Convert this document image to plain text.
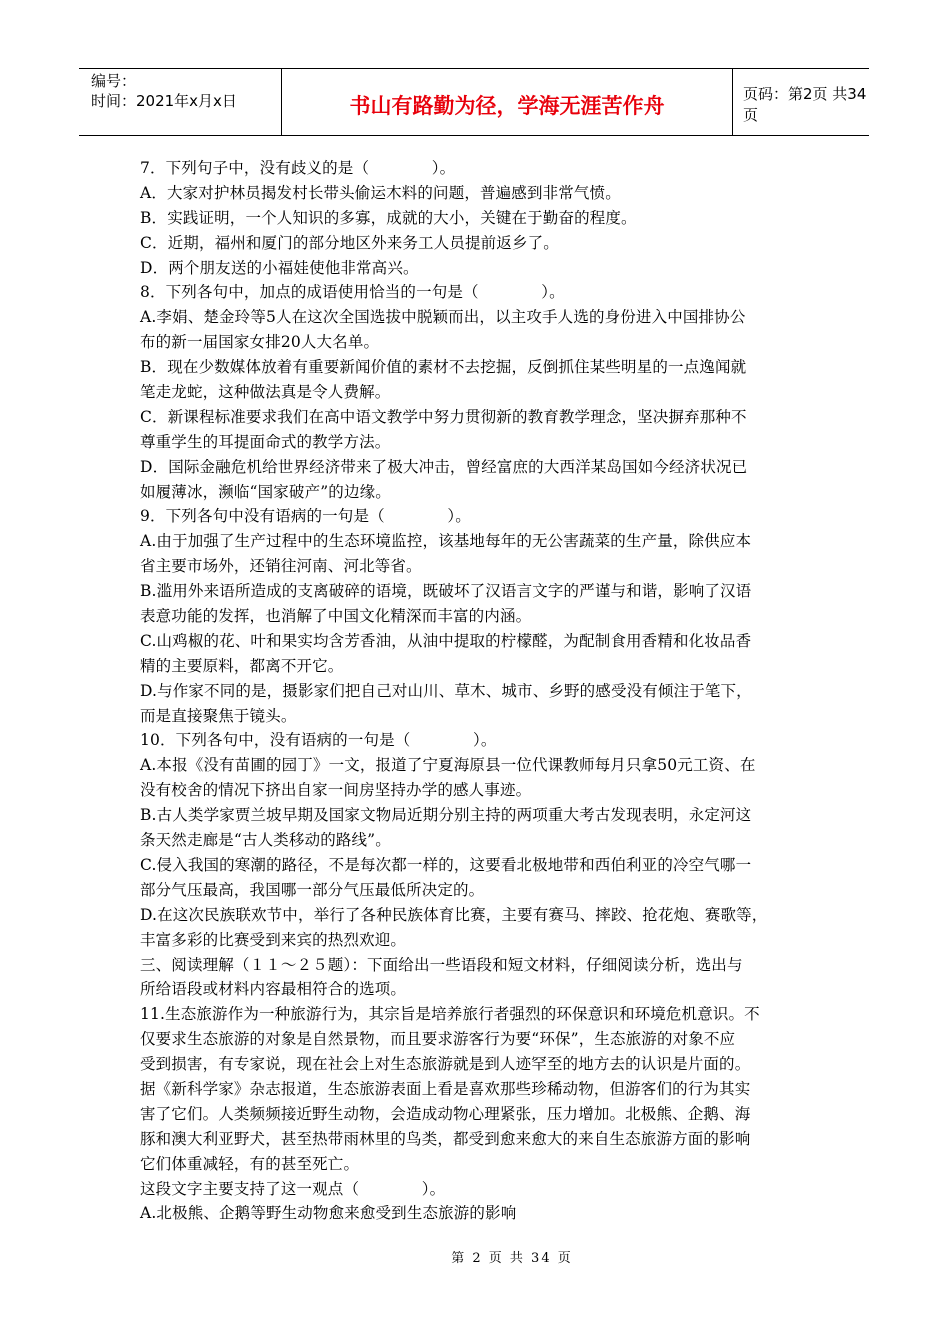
编号：
时间：2021年x月x日	书山有路勤为径，学海无涯苦作舟	页码：第2页 共34页
7．下列句子中，没有歧义的是（　　　　）。
A．大家对护林员揭发村长带头偷运木料的问题，普遍感到非常气愤。
B．实践证明，一个人知识的多寡，成就的大小，关键在于勤奋的程度。
C．近期，福州和厦门的部分地区外来务工人员提前返乡了。
D．两个朋友送的小福娃使他非常高兴。
8．下列各句中，加点的成语使用恰当的一句是（　　　　）。
A.李娟、楚金玲等5人在这次全国选拔中脱颖而出，以主攻手人选的身份进入中国排协公
布的新一届国家女排20人大名单。
B．现在少数媒体放着有重要新闻价值的素材不去挖掘，反倒抓住某些明星的一点逸闻就
笔走龙蛇，这种做法真是令人费解。
C．新课程标准要求我们在高中语文教学中努力贯彻新的教育教学理念，坚决摒弃那种不
尊重学生的耳提面命式的教学方法。
D．国际金融危机给世界经济带来了极大冲击，曾经富庶的大西洋某岛国如今经济状况已
如履薄冰，濒临“国家破产”的边缘。
9．下列各句中没有语病的一句是（　　　　）。
A.由于加强了生产过程中的生态环境监控，该基地每年的无公害蔬菜的生产量，除供应本
省主要市场外，还销往河南、河北等省。
B.滥用外来语所造成的支离破碎的语境，既破坏了汉语言文字的严谨与和谐，影响了汉语
表意功能的发挥，也消解了中国文化精深而丰富的内涵。
C.山鸡椒的花、叶和果实均含芳香油，从油中提取的柠檬醛，为配制食用香精和化妆品香
精的主要原料，都离不开它。
D.与作家不同的是，摄影家们把自己对山川、草木、城市、乡野的感受没有倾注于笔下，
而是直接聚焦于镜头。
10．下列各句中，没有语病的一句是（　　　　）。
A.本报《没有苗圃的园丁》一文，报道了宁夏海原县一位代课教师每月只拿50元工资、在
没有校舍的情况下挤出自家一间房坚持办学的感人事迹。
B.古人类学家贾兰坡早期及国家文物局近期分别主持的两项重大考古发现表明，永定河这
条天然走廊是“古人类移动的路线”。
C.侵入我国的寒潮的路径，不是每次都一样的，这要看北极地带和西伯利亚的冷空气哪一
部分气压最高，我国哪一部分气压最低所决定的。
D.在这次民族联欢节中，举行了各种民族体育比赛，主要有赛马、摔跤、抢花炮、赛歌等，
丰富多彩的比赛受到来宾的热烈欢迎。
三、阅读理解（１１～２５题）：下面给出一些语段和短文材料，仔细阅读分析，选出与
所给语段或材料内容最相符合的选项。
11.生态旅游作为一种旅游行为，其宗旨是培养旅行者强烈的环保意识和环境危机意识。不
仅要求生态旅游的对象是自然景物，而且要求游客行为要“环保”，生态旅游的对象不应
受到损害，有专家说，现在社会上对生态旅游就是到人迹罕至的地方去的认识是片面的。
据《新科学家》杂志报道，生态旅游表面上看是喜欢那些珍稀动物，但游客们的行为其实
害了它们。人类频频接近野生动物，会造成动物心理紧张，压力增加。北极熊、企鹅、海
豚和澳大利亚野犬，甚至热带雨林里的鸟类，都受到愈来愈大的来自生态旅游方面的影响
它们体重减轻，有的甚至死亡。
这段文字主要支持了这一观点（　　　　）。
A.北极熊、企鹅等野生动物愈来愈受到生态旅游的影响
第 2 页 共 34 页
